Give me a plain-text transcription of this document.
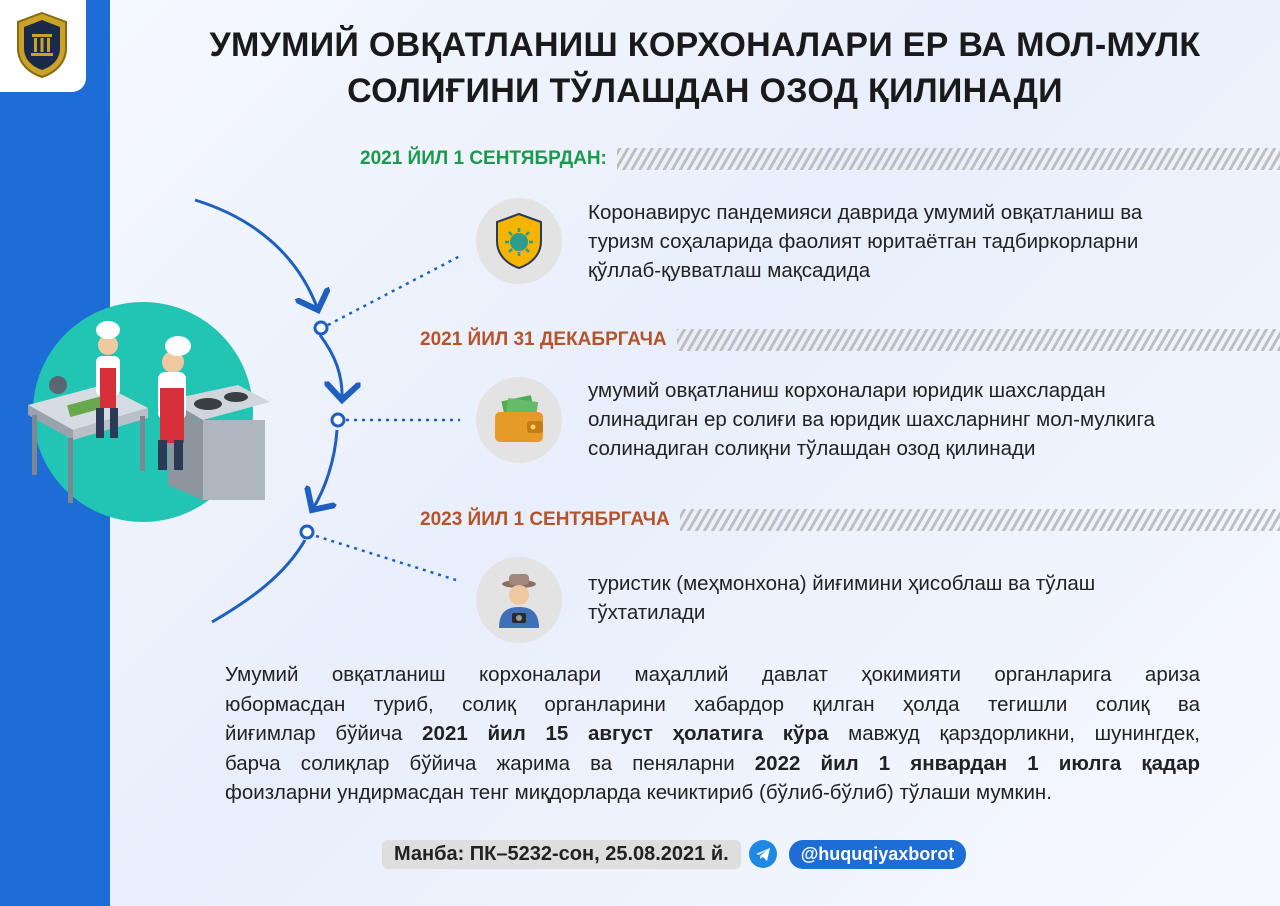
УМУМИЙ ОВҚАТЛАНИШ КОРХОНАЛАРИ ЕР ВА МОЛ-МУЛК
СОЛИҒИНИ ТЎЛАШДАН ОЗОД ҚИЛИНАДИ
2021 ЙИЛ 1 СЕНТЯБРДАН:
Коронавирус пандемияси даврида умумий овқатланиш ва
туризм соҳаларида фаолият юритаётган тадбиркорларни
қўллаб-қувватлаш мақсадида
2021 ЙИЛ 31 ДЕКАБРГАЧА
умумий овқатланиш корхоналари юридик шахслардан
олинадиган ер солиғи ва юридик шахсларнинг мол-мулкига
солинадиган солиқни тўлашдан озод қилинади
2023 ЙИЛ 1 СЕНТЯБРГАЧА
туристик (меҳмонхона) йиғимини ҳисоблаш ва тўлаш
тўхтатилади
Умумий овқатланиш корхоналари маҳаллий давлат ҳокимияти органларига ариза
юбормасдан туриб, солиқ органларини хабардор қилган ҳолда тегишли солиқ ва
йиғимлар бўйича 2021 йил 15 август ҳолатига кўра мавжуд қарздорликни, шунингдек,
барча солиқлар бўйича жарима ва пеняларни 2022 йил 1 январдан 1 июлга қадар
фоизларни ундирмасдан тенг миқдорларда кечиктириб (бўлиб-бўлиб) тўлаши мумкин.
Манба: ПК–5232-сон, 25.08.2021 й.	@huquqiyaxborot
